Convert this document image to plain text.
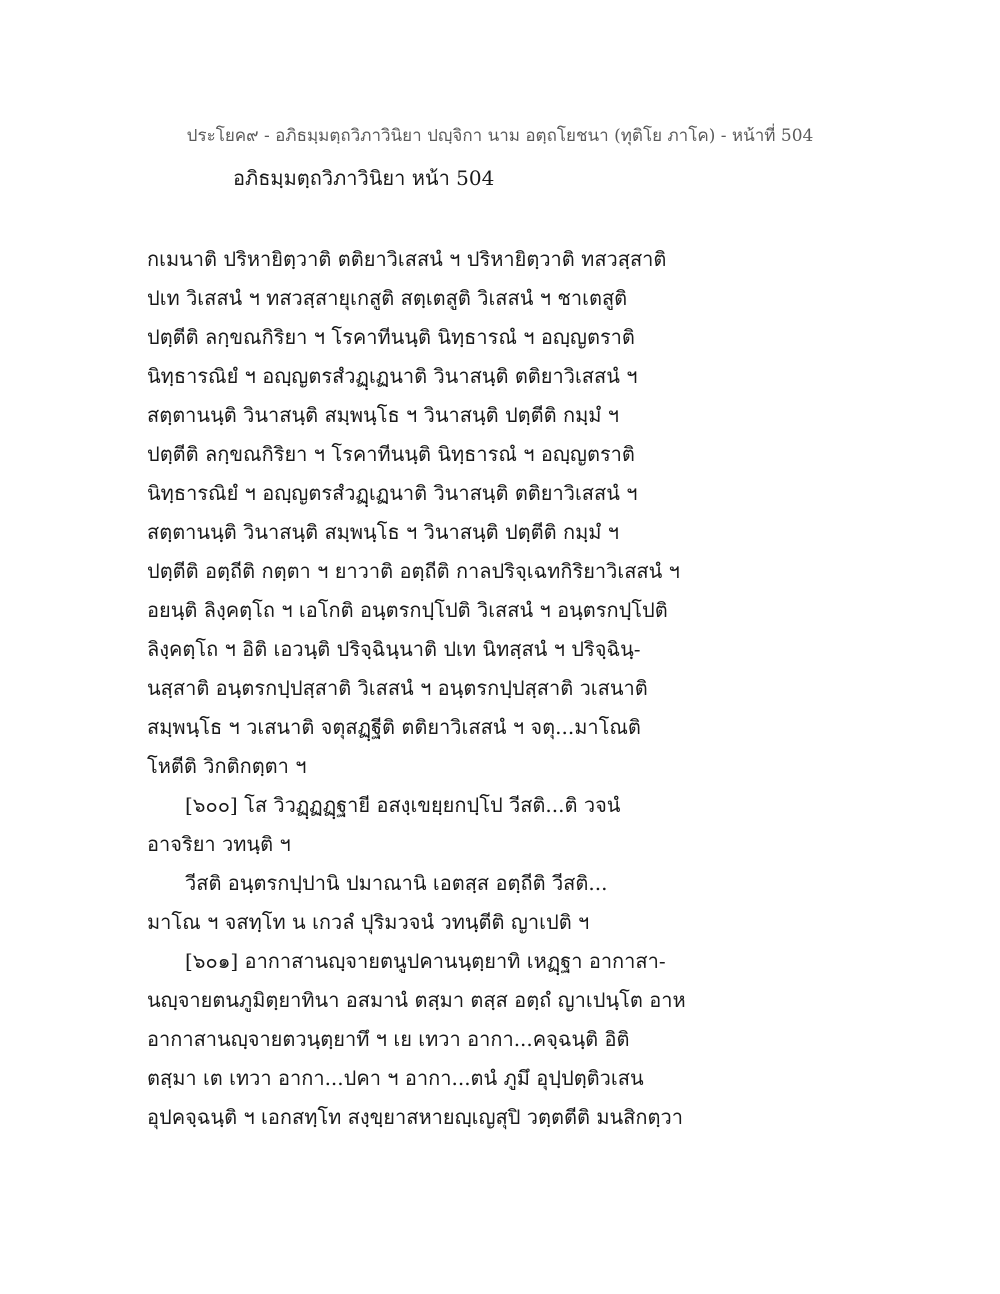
ประโยค๙ - อภิธมฺมตฺถวิภาวินิยา ปญฺจิกา นาม อตฺถโยชนา (ทุติโย ภาโค) - หน้าที่ 504
อภิธมฺมตฺถวิภาวินิยา หน้า 504
กเมนาติ ปริหายิตฺวาติ ตติยาวิเสสนํ ฯ ปริหายิตฺวาติ ทสวสฺสาติ
ปเท วิเสสนํ ฯ ทสวสฺสายุเกสูติ สตฺเตสูติ วิเสสนํ ฯ ชาเตสูติ
ปตฺตีติ ลกฺขณกิริยา ฯ โรคาทีนนฺติ นิทฺธารณํ ฯ อญฺญตราติ
นิทฺธารณิยํ ฯ อญฺญตรสํวฏฺเฏนาติ วินาสนฺติ ตติยาวิเสสนํ ฯ
สตฺตานนฺติ วินาสนฺติ สมฺพนฺโธ ฯ วินาสนฺติ ปตฺตีติ กมฺมํ ฯ
ปตฺตีติ ลกฺขณกิริยา ฯ โรคาทีนนฺติ นิทฺธารณํ ฯ อญฺญตราติ
นิทฺธารณิยํ ฯ อญฺญตรสํวฏฺเฏนาติ วินาสนฺติ ตติยาวิเสสนํ ฯ
สตฺตานนฺติ วินาสนฺติ สมฺพนฺโธ ฯ วินาสนฺติ ปตฺตีติ กมฺมํ ฯ
ปตฺตีติ อตฺถีติ กตฺตา ฯ ยาวาติ อตฺถีติ กาลปริจฺเฉทกิริยาวิเสสนํ ฯ
อยนฺติ ลิงฺคตฺโถ ฯ เอโกติ อนฺตรกปฺโปติ วิเสสนํ ฯ อนฺตรกปฺโปติ
ลิงฺคตฺโถ ฯ อิติ เอวนฺติ ปริจฺฉินฺนาติ ปเท นิทสฺสนํ ฯ ปริจฺฉินฺ-
นสฺสาติ อนฺตรกปฺปสฺสาติ วิเสสนํ ฯ อนฺตรกปฺปสฺสาติ วเสนาติ
สมฺพนฺโธ ฯ วเสนาติ จตุสฏฺฐีติ ตติยาวิเสสนํ ฯ จตุ...มาโณติ
โหตีติ วิกติกตฺตา ฯ
[๖๐๐] โส วิวฏฺฏฏฺฐายี อสงฺเขยฺยกปฺโป วีสติ...ติ วจนํ
อาจริยา วทนฺติ ฯ
วีสติ อนฺตรกปฺปานิ ปมาณานิ เอตสฺส อตฺถีติ วีสติ...
มาโณ ฯ จสทฺโท น เกวลํ ปุริมวจนํ วทนฺตีติ ญาเปติ ฯ
[๖๐๑] อากาสานญฺจายตนูปคานนฺตฺยาทิ เหฏฺฐา อากาสา-
นญฺจายตนภูมิตฺยาทินา อสมานํ ตสฺมา ตสฺส อตฺถํ ญาเปนฺโต อาห
อากาสานญฺจายตวนฺตฺยาทึ ฯ เย เทวา อากา...คจฺฉนฺติ อิติ
ตสฺมา เต เทวา อากา...ปคา ฯ อากา...ตนํ ภูมึ อุปฺปตฺติวเสน
อุปคจฺฉนฺติ ฯ เอกสทฺโท สงฺขฺยาสหายญฺเญสุปิ วตฺตตีติ มนสิกตฺวา
